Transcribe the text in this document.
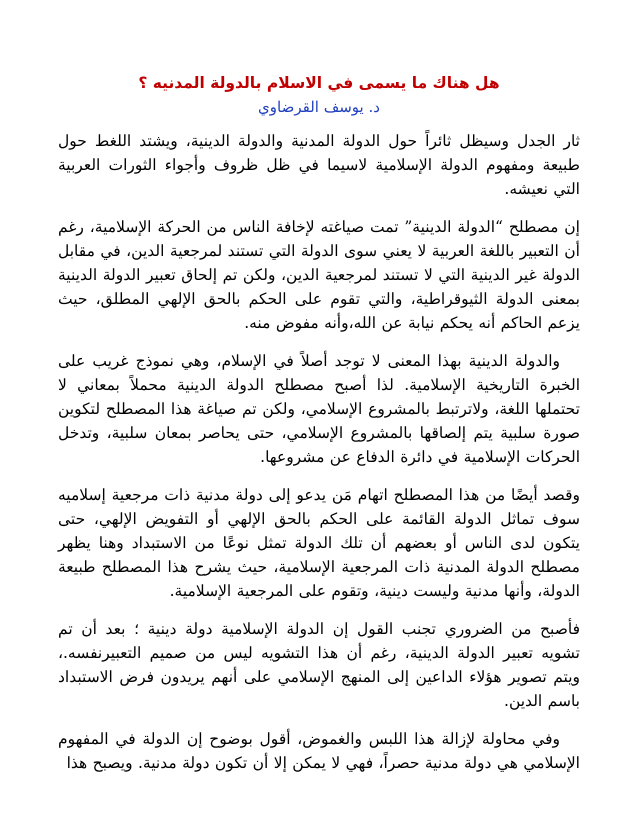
هل هناك ما يسمى في الاسلام بالدولة المدنيه ؟
د. يوسف القرضاوي

ثار الجدل وسيظل ثائراً حول الدولة المدنية والدولة الدينية، ويشتد اللغط حول طبيعة ومفهوم الدولة الإسلامية لاسيما في ظل ظروف وأجواء الثورات العربية التي نعيشه.

إن مصطلح “الدولة الدينية” تمت صياغته لإخافة الناس من الحركة الإسلامية، رغم أن التعبير باللغة العربية لا يعني سوى الدولة التي تستند لمرجعية الدين، في مقابل الدولة غير الدينية التي لا تستند لمرجعية الدين، ولكن تم إلحاق تعبير الدولة الدينية بمعنى الدولة الثيوقراطية، والتي تقوم على الحكم بالحق الإلهي المطلق، حيث يزعم الحاكم أنه يحكم نيابة عن الله،وأنه مفوض منه.

والدولة الدينية بهذا المعنى لا توجد أصلاً في الإسلام، وهي نموذج غريب على الخبرة التاريخية الإسلامية. لذا أصبح مصطلح الدولة الدينية محملاً بمعاني لا تحتملها اللغة، ولاترتبط بالمشروع الإسلامي، ولكن تم صياغة هذا المصطلح لتكوين صورة سلبية يتم إلصاقها بالمشروع الإسلامي، حتى يحاصر بمعان سلبية، وتدخل الحركات الإسلامية في دائرة الدفاع عن مشروعها.

وقصد أيضًا من هذا المصطلح اتهام مَن يدعو إلى دولة مدنية ذات مرجعية إسلاميه سوف تماثل الدولة القائمة على الحكم بالحق الإلهي أو التفويض الإلهي، حتى يتكون لدى الناس أو بعضهم أن تلك الدولة تمثل نوعًا من الاستبداد وهنا يظهر مصطلح الدولة المدنية ذات المرجعية الإسلامية، حيث يشرح هذا المصطلح طبيعة الدولة، وأنها مدنية وليست دينية، وتقوم على المرجعية الإسلامية.

فأصبح من الضروري تجنب القول إن الدولة الإسلامية دولة دينية ؛ بعد أن تم تشويه تعبير الدولة الدينية، رغم أن هذا التشويه ليس من صميم التعبيرنفسه.، ويتم تصوير هؤلاء الداعين إلى المنهج الإسلامي على أنهم يريدون فرض الاستبداد باسم الدين.

وفي محاولة لإزالة هذا اللبس والغموض، أقول بوضوح إن الدولة في المفهوم الإسلامي هي دولة مدنية حصراً، فهي لا يمكن إلا أن تكون دولة مدنية. ويصبح هذا
